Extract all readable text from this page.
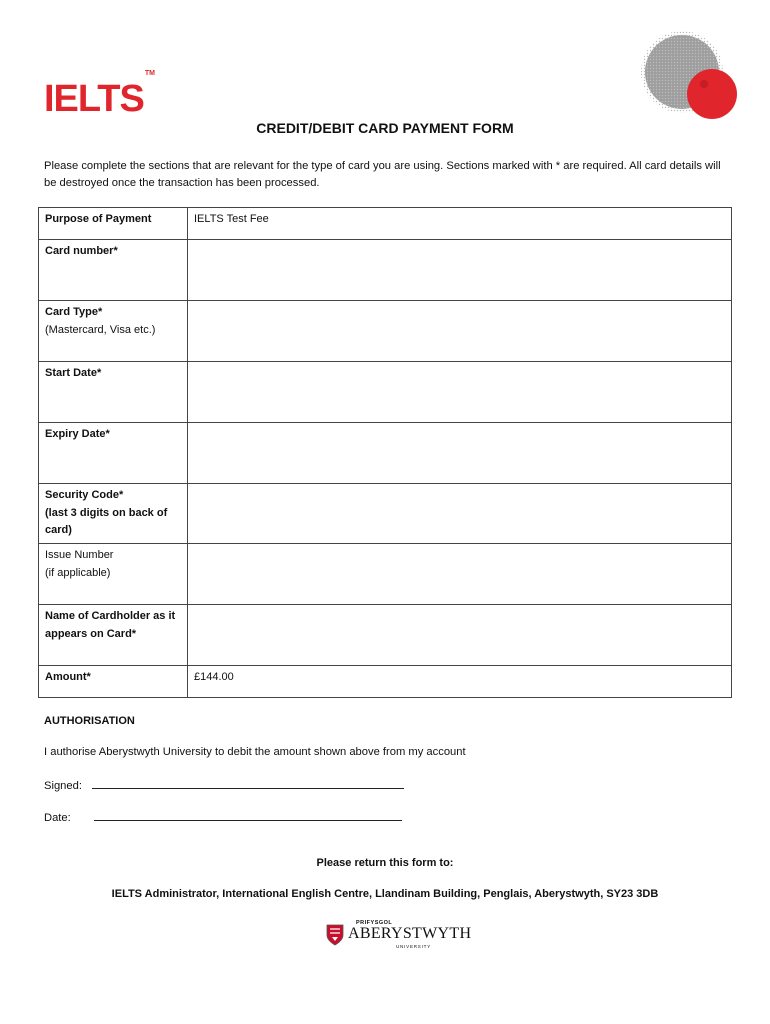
IELTS™
CREDIT/DEBIT CARD PAYMENT FORM
Please complete the sections that are relevant for the type of card you are using. Sections marked with * are required. All card details will be destroyed once the transaction has been processed.
Purpose of Payment	IELTS Test Fee
Card number*	

Card Type*
(Mastercard, Visa etc.)	

Start Date*	
Expiry Date*	

Security Code*
(last 3 digits on back of
card)	

Issue Number
(if applicable)	

Name of Cardholder as it
appears on Card*	

Amount*	£144.00
AUTHORISATION
I authorise Aberystwyth University to debit the amount shown above from my account
Signed:
Date:
Please return this form to:
IELTS Administrator, International English Centre, Llandinam Building, Penglais, Aberystwyth, SY23 3DB
PRIFYSGOL
ABERYSTWYTH
UNIVERSITY
